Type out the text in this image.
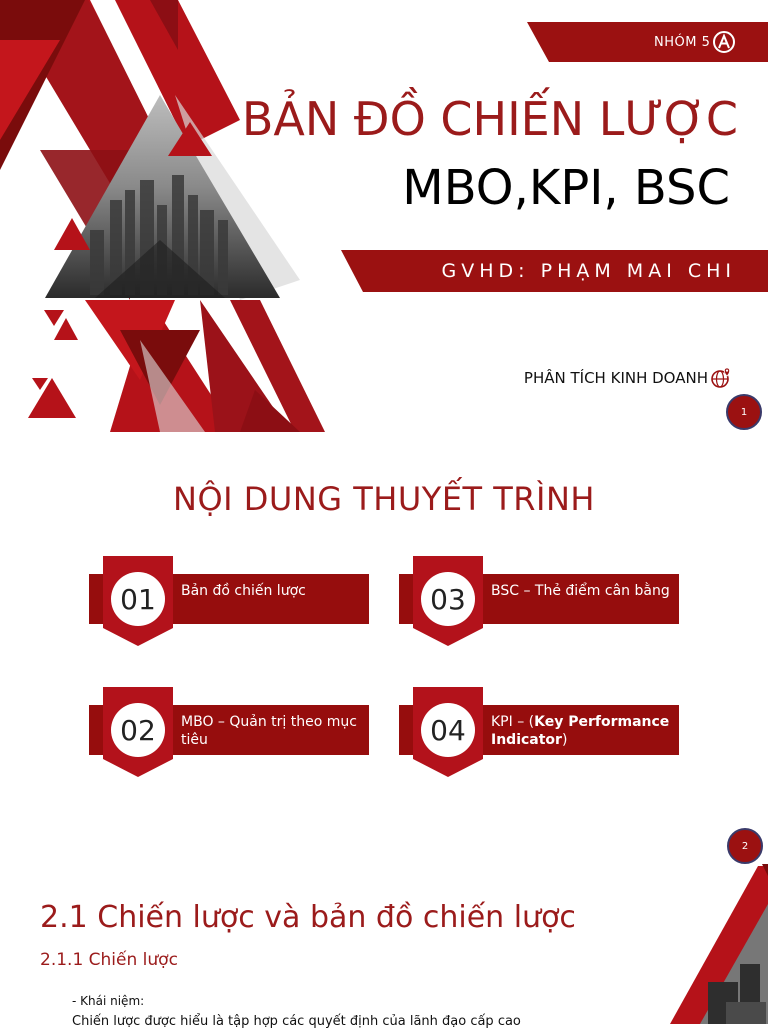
NHÓM 5
BẢN ĐỒ CHIẾN LƯỢC
MBO,KPI, BSC
GVHD: PHẠM MAI CHI
PHÂN TÍCH KINH DOANH
1
NỘI DUNG THUYẾT TRÌNH
01	Bản đồ chiến lược
02	MBO – Quản trị theo mục tiêu
03	BSC – Thẻ điểm cân bằng
04	KPI – (Key Performance Indicator)
2
2.1 Chiến lược và bản đồ chiến lược
2.1.1 Chiến lược
- Khái niệm:
Chiến lược được hiểu là tập hợp các quyết định của lãnh đạo cấp cao
